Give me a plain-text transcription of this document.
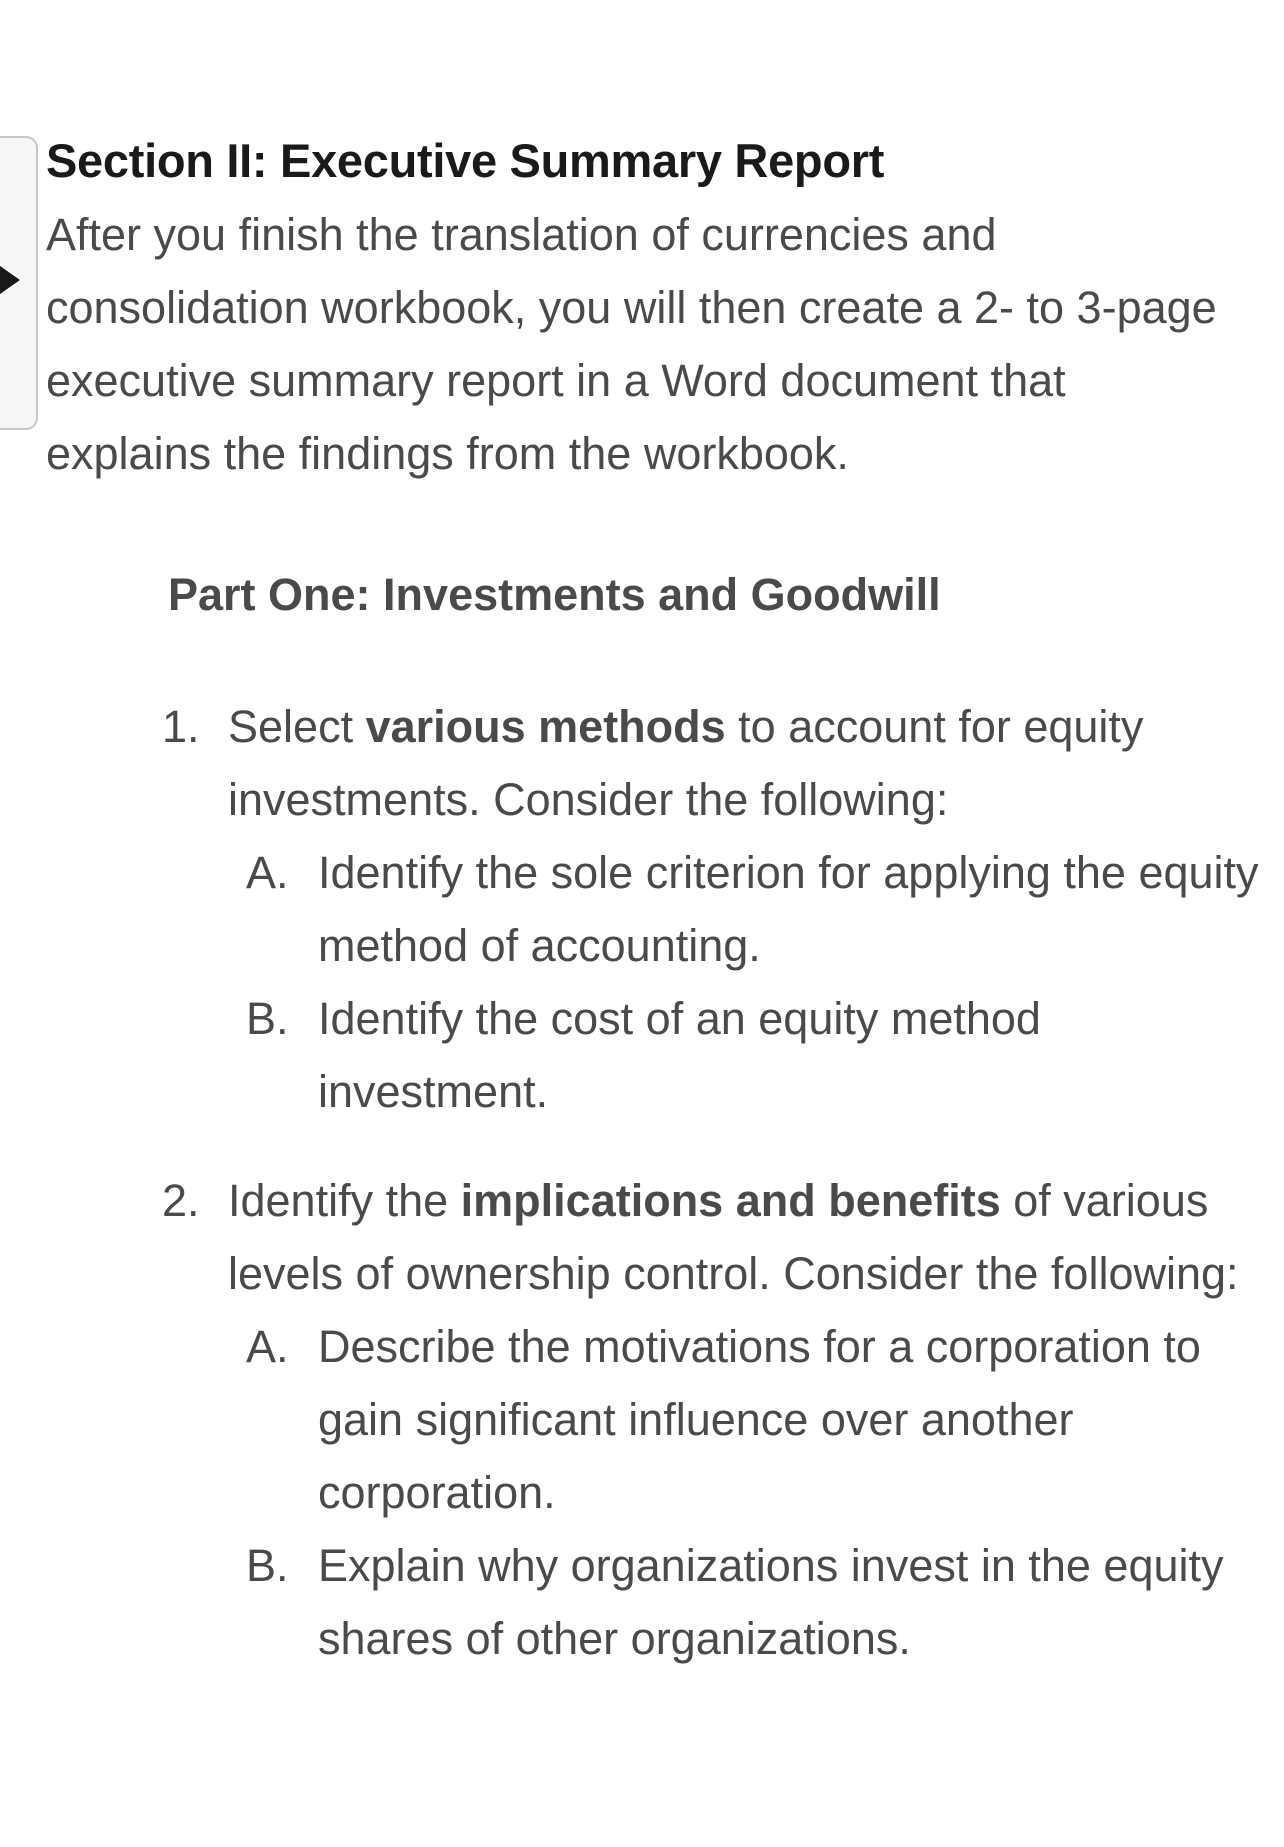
Section II: Executive Summary Report

After you finish the translation of currencies and consolidation workbook, you will then create a 2- to 3-page executive summary report in a Word document that explains the findings from the workbook.

Part One: Investments and Goodwill
1. Select various methods to account for equity investments. Consider the following:
A. Identify the sole criterion for applying the equity method of accounting.
B. Identify the cost of an equity method investment.
2. Identify the implications and benefits of various levels of ownership control. Consider the following:
A. Describe the motivations for a corporation to gain significant influence over another corporation.
B. Explain why organizations invest in the equity shares of other organizations.
